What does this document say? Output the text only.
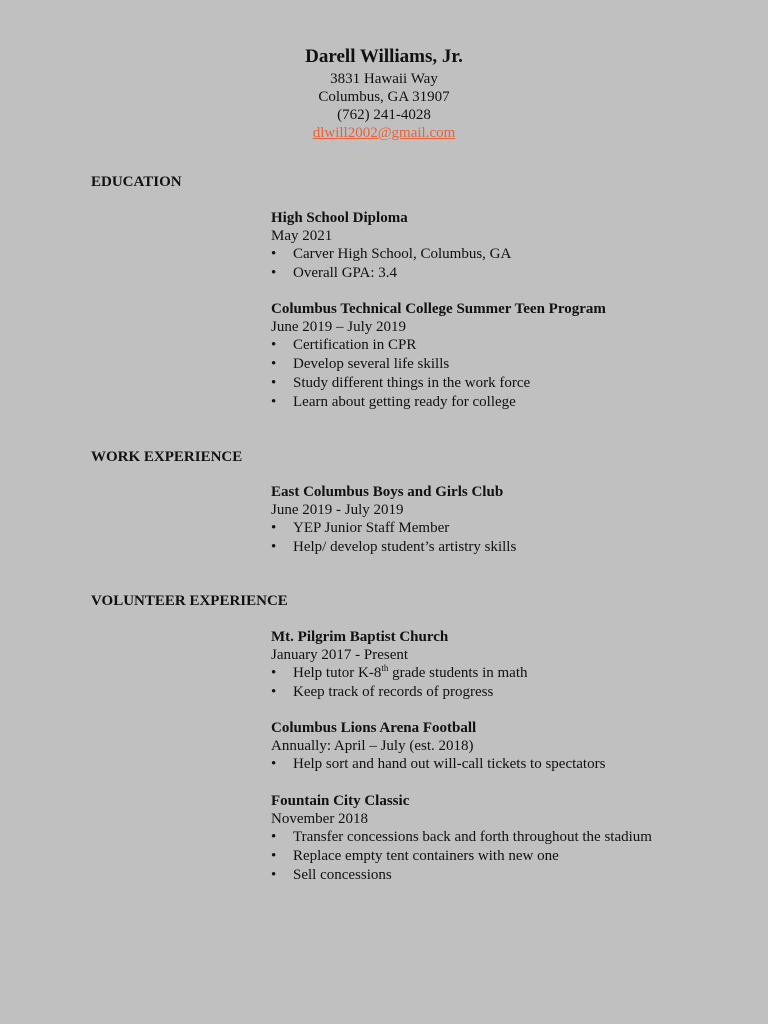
Darell Williams, Jr.
3831 Hawaii Way
Columbus, GA 31907
(762) 241-4028
dlwill2002@gmail.com
EDUCATION
High School Diploma
May 2021
• Carver High School, Columbus, GA
• Overall GPA: 3.4
Columbus Technical College Summer Teen Program
June 2019 – July 2019
• Certification in CPR
• Develop several life skills
• Study different things in the work force
• Learn about getting ready for college
WORK EXPERIENCE
East Columbus Boys and Girls Club
June 2019 - July 2019
• YEP Junior Staff Member
• Help/ develop student’s artistry skills
VOLUNTEER EXPERIENCE
Mt. Pilgrim Baptist Church
January 2017 - Present
• Help tutor K-8th grade students in math
• Keep track of records of progress
Columbus Lions Arena Football
Annually: April – July (est. 2018)
• Help sort and hand out will-call tickets to spectators
Fountain City Classic
November 2018
• Transfer concessions back and forth throughout the stadium
• Replace empty tent containers with new one
• Sell concessions
